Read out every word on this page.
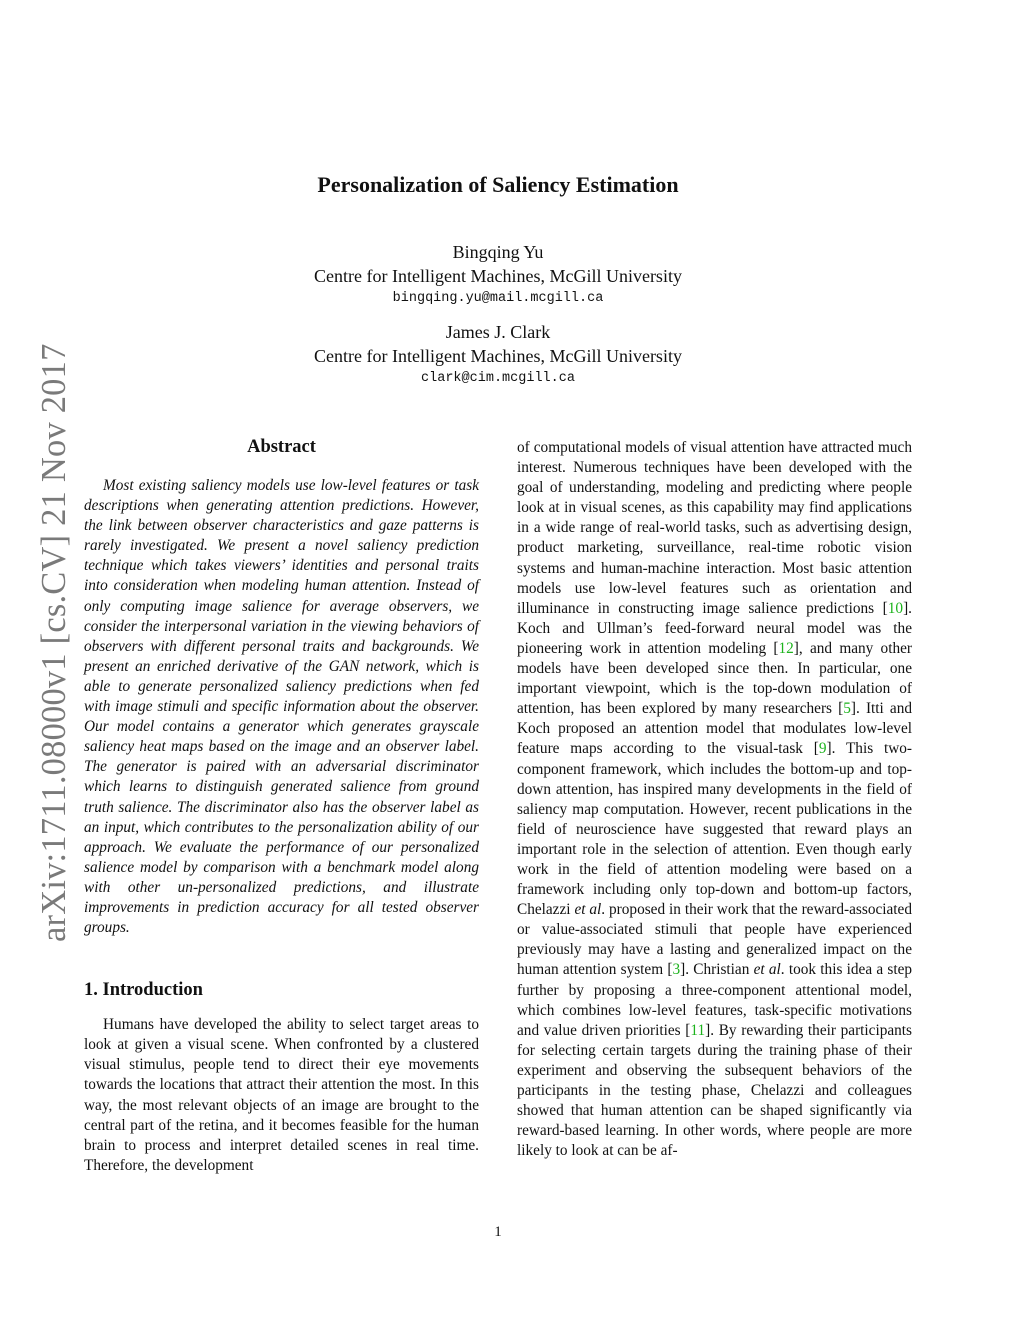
arXiv:1711.08000v1 [cs.CV] 21 Nov 2017
Personalization of Saliency Estimation
Bingqing Yu
Centre for Intelligent Machines, McGill University
bingqing.yu@mail.mcgill.ca
James J. Clark
Centre for Intelligent Machines, McGill University
clark@cim.mcgill.ca
Abstract

Most existing saliency models use low-level features or task descriptions when generating attention predictions. However, the link between observer characteristics and gaze patterns is rarely investigated. We present a novel saliency prediction technique which takes viewers’ identities and personal traits into consideration when modeling human attention. Instead of only computing image salience for average observers, we consider the interpersonal variation in the viewing behaviors of observers with different personal traits and backgrounds. We present an enriched derivative of the GAN network, which is able to generate personalized saliency predictions when fed with image stimuli and specific information about the observer. Our model contains a generator which generates grayscale saliency heat maps based on the image and an observer label. The generator is paired with an adversarial discriminator which learns to distinguish generated salience from ground truth salience. The discriminator also has the observer label as an input, which contributes to the personalization ability of our approach. We evaluate the performance of our personalized salience model by comparison with a benchmark model along with other un-personalized predictions, and illustrate improvements in prediction accuracy for all tested observer groups.

1. Introduction

Humans have developed the ability to select target areas to look at given a visual scene. When confronted by a clustered visual stimulus, people tend to direct their eye movements towards the locations that attract their attention the most. In this way, the most relevant objects of an image are brought to the central part of the retina, and it becomes feasible for the human brain to process and interpret detailed scenes in real time. Therefore, the development

of computational models of visual attention have attracted much interest. Numerous techniques have been developed with the goal of understanding, modeling and predicting where people look at in visual scenes, as this capability may find applications in a wide range of real-world tasks, such as advertising design, product marketing, surveillance, real-time robotic vision systems and human-machine interaction. Most basic attention models use low-level features such as orientation and illuminance in constructing image salience predictions [10]. Koch and Ullman’s feed-forward neural model was the pioneering work in attention modeling [12], and many other models have been developed since then. In particular, one important viewpoint, which is the top-down modulation of attention, has been explored by many researchers [5]. Itti and Koch proposed an attention model that modulates low-level feature maps according to the visual-task [9]. This two-component framework, which includes the bottom-up and top-down attention, has inspired many developments in the field of saliency map computation. However, recent publications in the field of neuroscience have suggested that reward plays an important role in the selection of attention. Even though early work in the field of attention modeling were based on a framework including only top-down and bottom-up factors, Chelazzi et al. proposed in their work that the reward-associated or value-associated stimuli that people have experienced previously may have a lasting and generalized impact on the human attention system [3]. Christian et al. took this idea a step further by proposing a three-component attentional model, which combines low-level features, task-specific motivations and value driven priorities [11]. By rewarding their participants for selecting certain targets during the training phase of their experiment and observing the subsequent behaviors of the participants in the testing phase, Chelazzi and colleagues showed that human attention can be shaped significantly via reward-based learning. In other words, where people are more likely to look at can be af-

1
